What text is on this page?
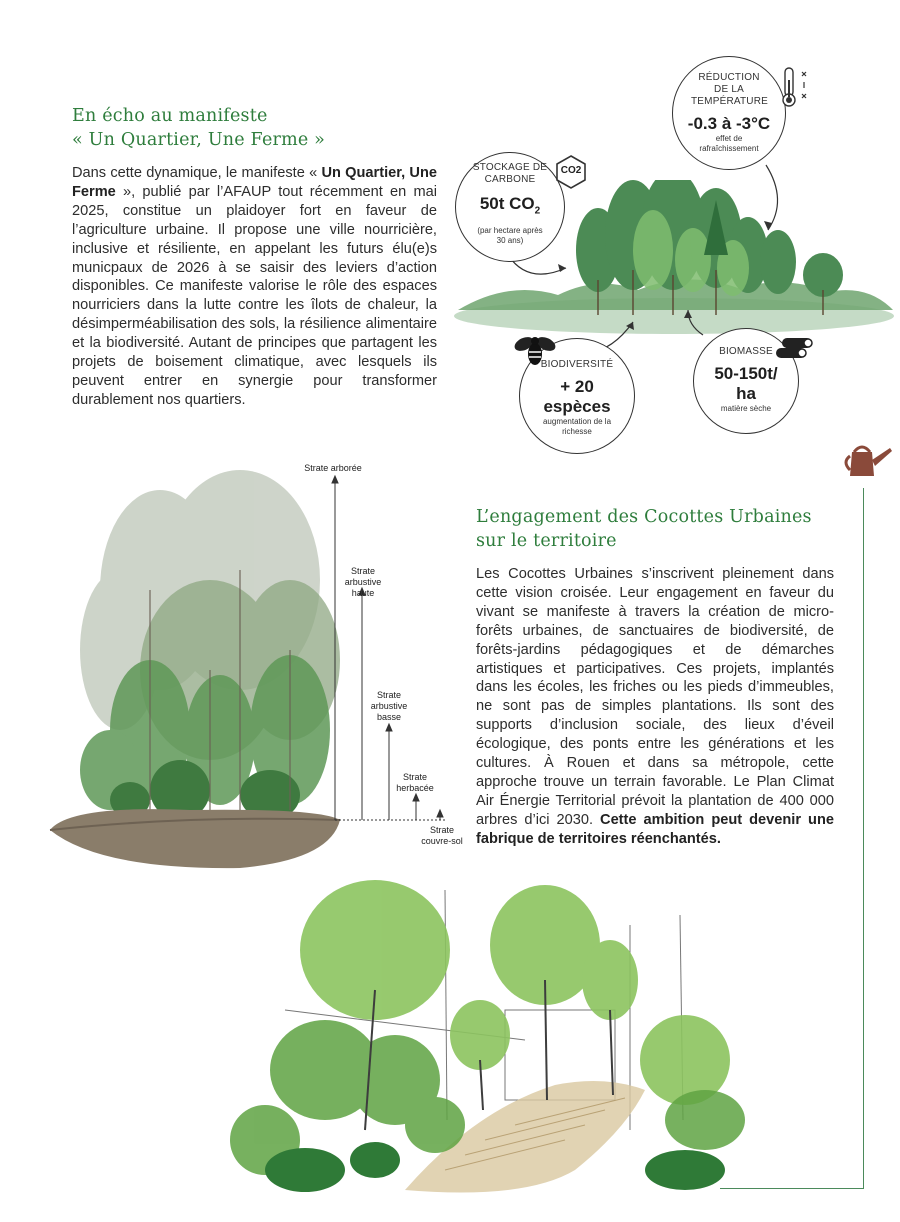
En écho au manifeste
« Un Quartier, Une Ferme »

Dans cette dynamique, le manifeste « Un Quartier, Une Ferme », publié par l’AFAUP tout récemment en mai 2025, constitue un plaidoyer fort en faveur de l’agriculture urbaine. Il propose une ville nourricière, inclusive et résiliente, en appelant les futurs élu(e)s municpaux de 2026 à se saisir des leviers d’action disponibles. Ce manifeste valorise le rôle des espaces nourriciers dans la lutte contre les îlots de chaleur, la désimperméabilisation des sols, la résilience alimentaire et la biodiversité. Autant de principes que partagent les projets de boisement climatique, avec lesquels ils peuvent entrer en synergie pour transformer durablement nos quartiers.

RÉDUCTION DE LA TEMPÉRATURE
-0.3 à -3°C
effet de rafraîchissement
STOCKAGE DE CARBONE
50t $CO_2$
(par hectare après 30 ans)
CO2
BIODIVERSITÉ
+ 20 espèces
augmentation de la richesse
BIOMASSE
50-150t/ ha
matière sèche
Strate arborée
Strate arbustive haute
Strate arbustive basse
Strate herbacée
Strate couvre-sol
L’engagement des Cocottes Urbaines
sur le territoire

Les Cocottes Urbaines s’inscrivent pleinement dans cette vision croisée. Leur engagement en faveur du vivant se manifeste à travers la création de micro-forêts urbaines, de sanctuaires de biodiversité, de forêts-jardins pédagogiques et de démarches artistiques et participatives. Ces projets, implantés dans les écoles, les friches ou les pieds d’immeubles, ne sont pas de simples plantations. Ils sont des supports d’inclusion sociale, des lieux d’éveil écologique, des ponts entre les générations et les cultures. À Rouen et dans sa métropole, cette approche trouve un terrain favorable. Le Plan Climat Air Énergie Territorial prévoit la plantation de 400 000 arbres d’ici 2030. Cette ambition peut devenir une fabrique de territoires réenchantés.
